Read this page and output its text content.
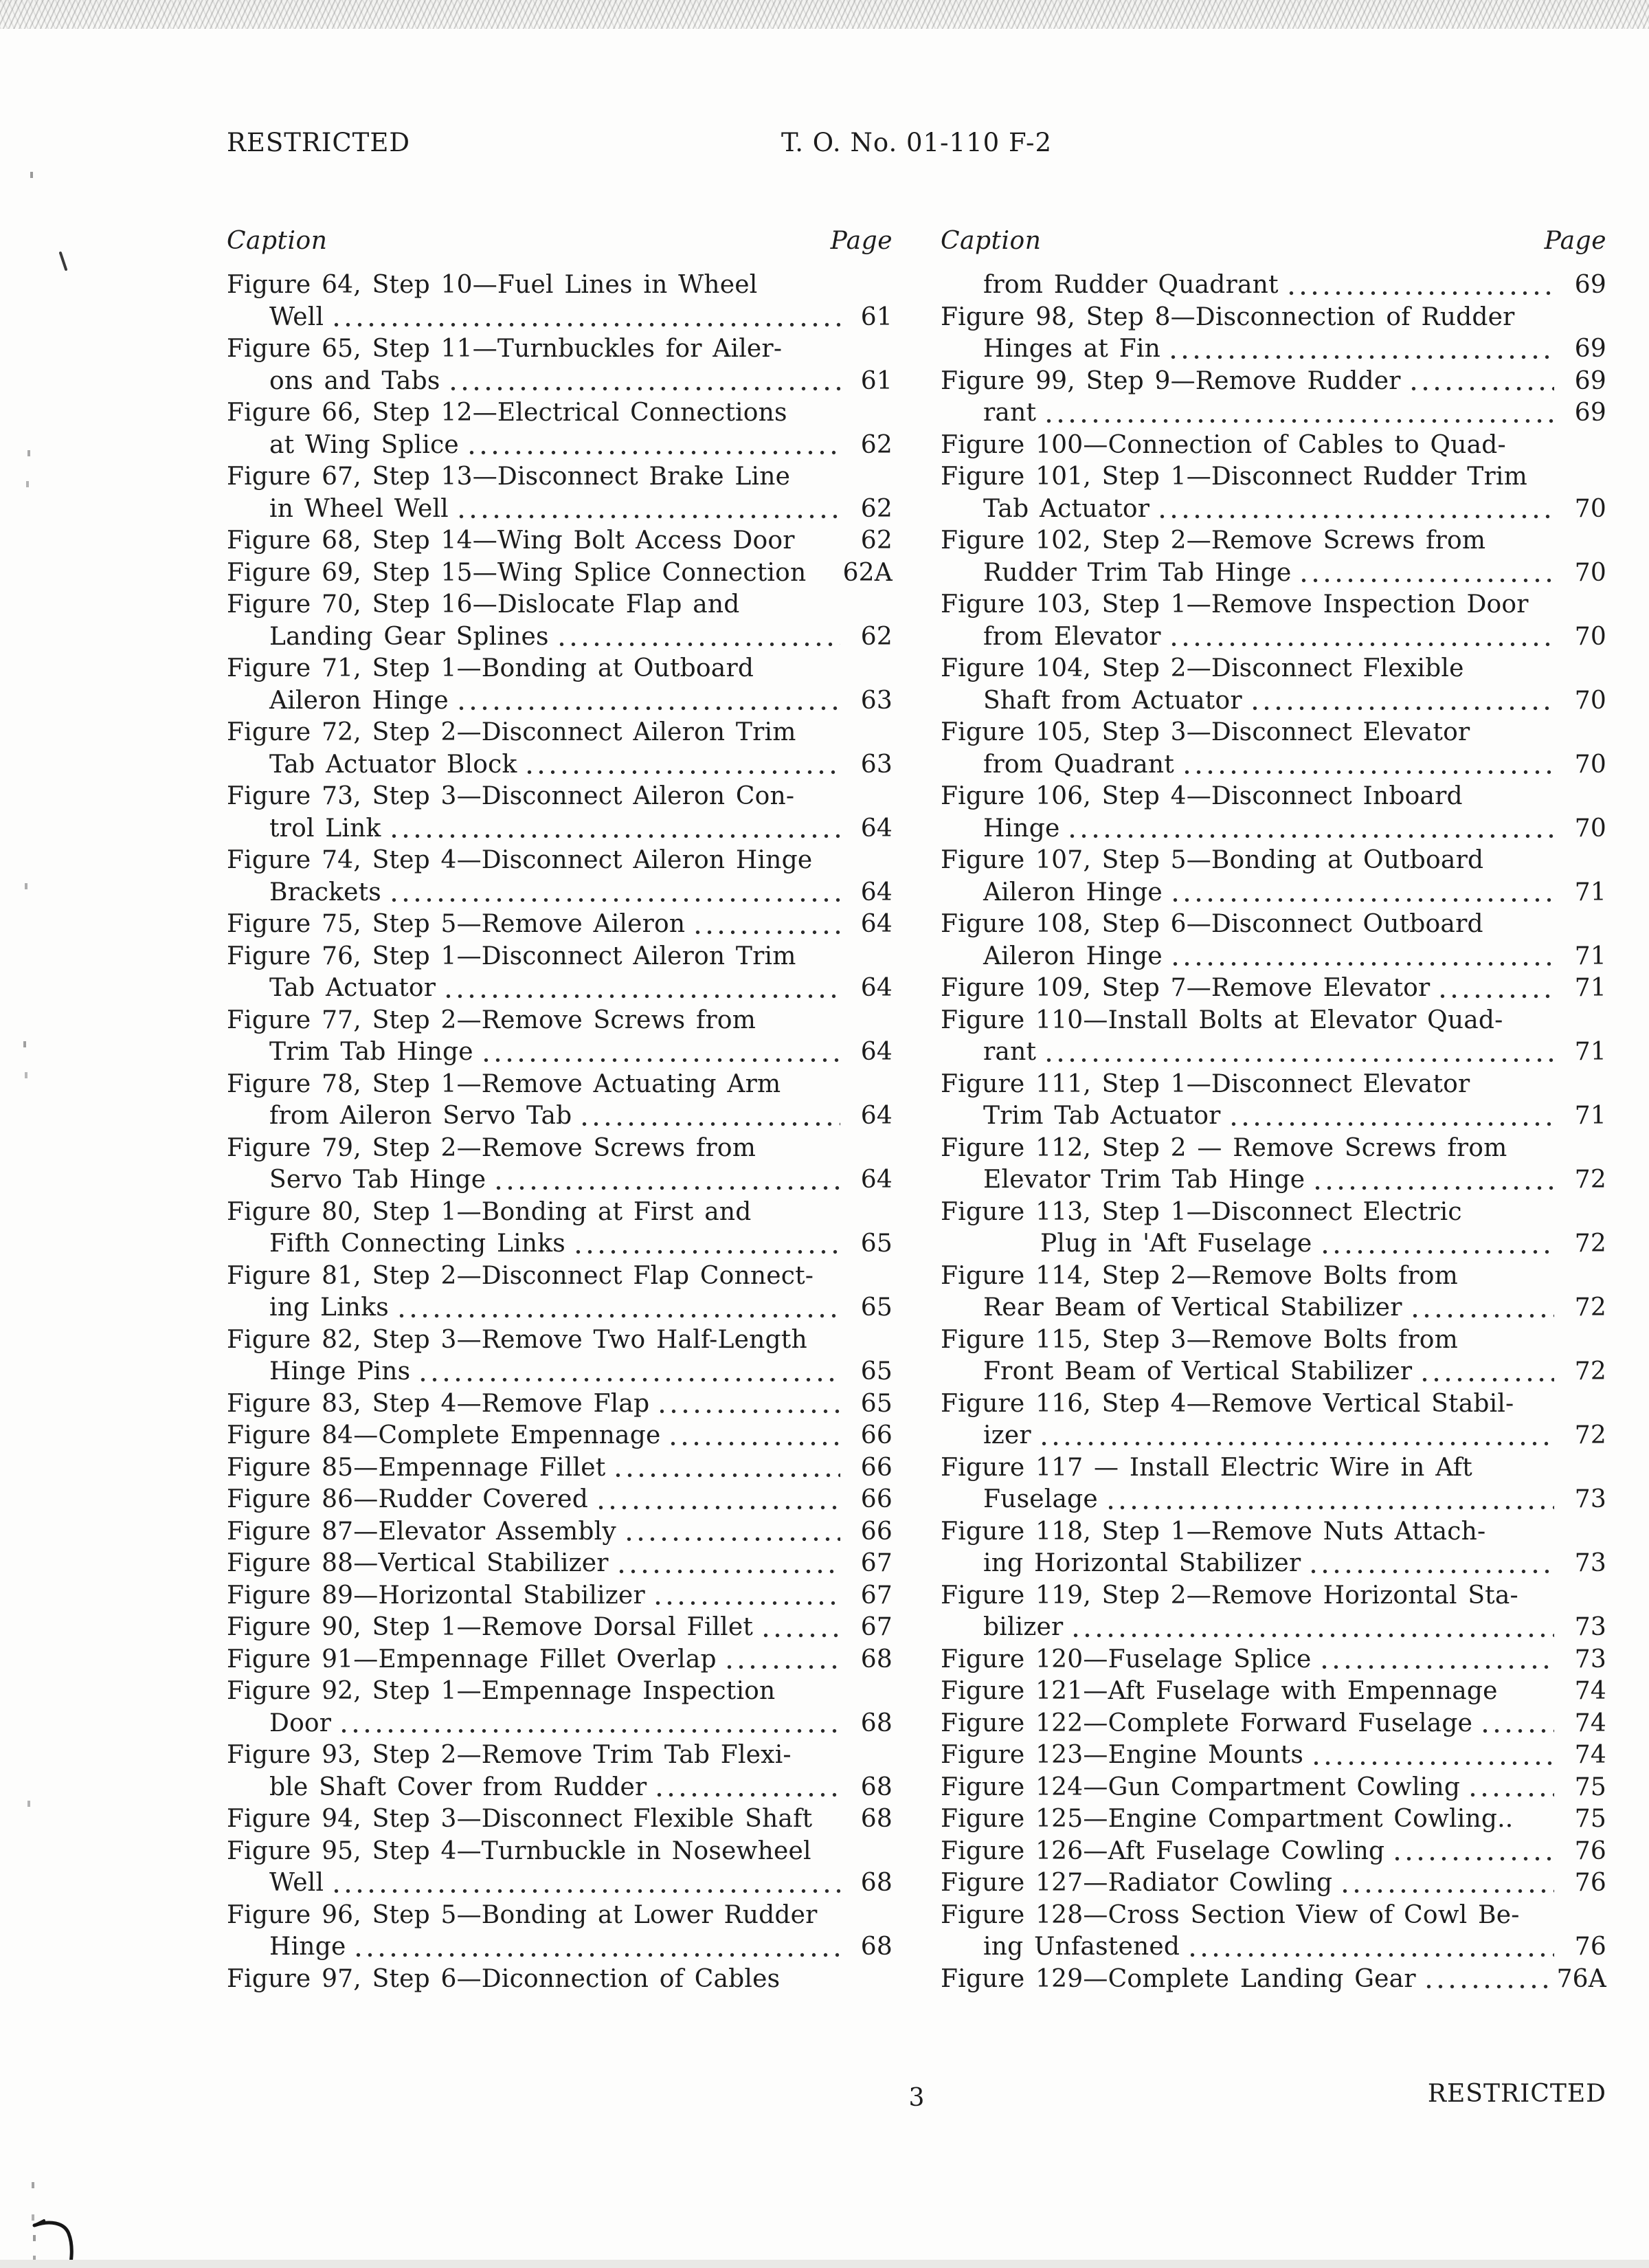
RESTRICTED	T. O. No. 01-110 F-2
Caption	Page
Figure 64, Step 10—Fuel Lines in Wheel
Well	61
Figure 65, Step 11—Turnbuckles for Ailer-
ons and Tabs	61
Figure 66, Step 12—Electrical Connections
at Wing Splice	62
Figure 67, Step 13—Disconnect Brake Line
in Wheel Well	62
Figure 68, Step 14—Wing Bolt Access Door	62
Figure 69, Step 15—Wing Splice Connection 62A
Figure 70, Step 16—Dislocate Flap and
Landing Gear Splines	62
Figure 71, Step 1—Bonding at Outboard
Aileron Hinge	63
Figure 72, Step 2—Disconnect Aileron Trim
Tab Actuator Block	63
Figure 73, Step 3—Disconnect Aileron Con-
trol Link	64
Figure 74, Step 4—Disconnect Aileron Hinge
Brackets	64
Figure 75, Step 5—Remove Aileron	64
Figure 76, Step 1—Disconnect Aileron Trim
Tab Actuator	64
Figure 77, Step 2—Remove Screws from
Trim Tab Hinge	64
Figure 78, Step 1—Remove Actuating Arm
from Aileron Servo Tab	64
Figure 79, Step 2—Remove Screws from
Servo Tab Hinge	64
Figure 80, Step 1—Bonding at First and
Fifth Connecting Links	65
Figure 81, Step 2—Disconnect Flap Connect-
ing Links	65
Figure 82, Step 3—Remove Two Half-Length
Hinge Pins	65
Figure 83, Step 4—Remove Flap	65
Figure 84—Complete Empennage	66
Figure 85—Empennage Fillet	66
Figure 86—Rudder Covered	66
Figure 87—Elevator Assembly	66
Figure 88—Vertical Stabilizer	67
Figure 89—Horizontal Stabilizer	67
Figure 90, Step 1—Remove Dorsal Fillet	67
Figure 91—Empennage Fillet Overlap	68
Figure 92, Step 1—Empennage Inspection
Door	68
Figure 93, Step 2—Remove Trim Tab Flexi-
ble Shaft Cover from Rudder	68
Figure 94, Step 3—Disconnect Flexible Shaft	68
Figure 95, Step 4—Turnbuckle in Nosewheel
Well	68
Figure 96, Step 5—Bonding at Lower Rudder
Hinge	68
Figure 97, Step 6—Diconnection of Cables
Caption	Page
from Rudder Quadrant	69
Figure 98, Step 8—Disconnection of Rudder
Hinges at Fin	69
Figure 99, Step 9—Remove Rudder	69
rant	69
Figure 100—Connection of Cables to Quad-
Figure 101, Step 1—Disconnect Rudder Trim
Tab Actuator	70
Figure 102, Step 2—Remove Screws from
Rudder Trim Tab Hinge	70
Figure 103, Step 1—Remove Inspection Door
from Elevator	70
Figure 104, Step 2—Disconnect Flexible
Shaft from Actuator	70
Figure 105, Step 3—Disconnect Elevator
from Quadrant	70
Figure 106, Step 4—Disconnect Inboard
Hinge	70
Figure 107, Step 5—Bonding at Outboard
Aileron Hinge	71
Figure 108, Step 6—Disconnect Outboard
Aileron Hinge	71
Figure 109, Step 7—Remove Elevator	71
Figure 110—Install Bolts at Elevator Quad-
rant	71
Figure 111, Step 1—Disconnect Elevator
Trim Tab Actuator	71
Figure 112, Step 2 — Remove Screws from
Elevator Trim Tab Hinge	72
Figure 113, Step 1—Disconnect Electric
Plug in 'Aft Fuselage	72
Figure 114, Step 2—Remove Bolts from
Rear Beam of Vertical Stabilizer	72
Figure 115, Step 3—Remove Bolts from
Front Beam of Vertical Stabilizer	72
Figure 116, Step 4—Remove Vertical Stabil-
izer	72
Figure 117 — Install Electric Wire in Aft
Fuselage	73
Figure 118, Step 1—Remove Nuts Attach-
ing Horizontal Stabilizer	73
Figure 119, Step 2—Remove Horizontal Sta-
bilizer	73
Figure 120—Fuselage Splice	73
Figure 121—Aft Fuselage with Empennage	74
Figure 122—Complete Forward Fuselage	74
Figure 123—Engine Mounts	74
Figure 124—Gun Compartment Cowling	75
Figure 125—Engine Compartment Cowling..	75
Figure 126—Aft Fuselage Cowling	76
Figure 127—Radiator Cowling	76
Figure 128—Cross Section View of Cowl Be-
ing Unfastened	76
Figure 129—Complete Landing Gear	76A
3	RESTRICTED
